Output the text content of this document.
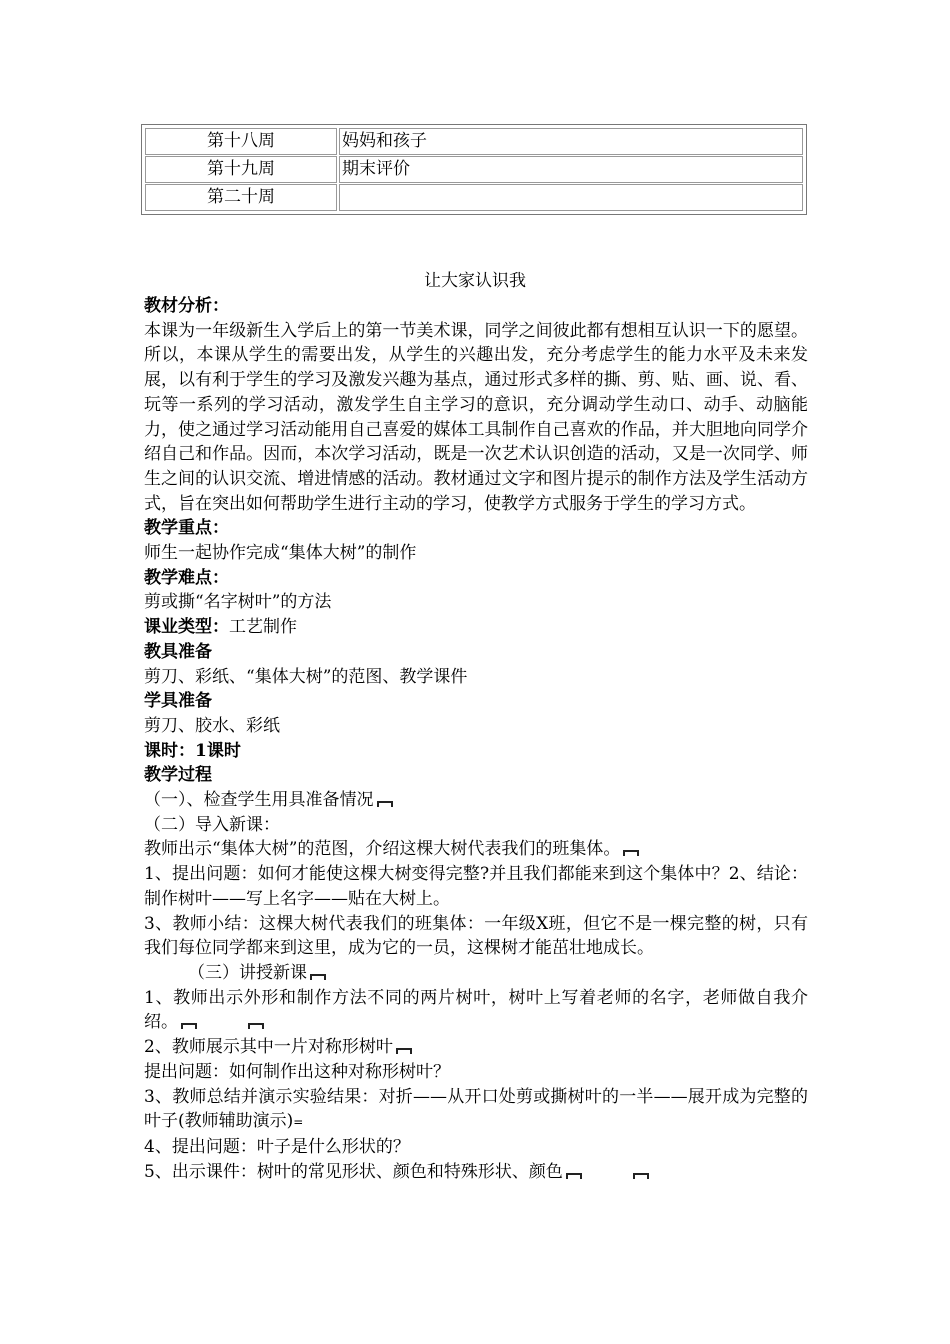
第十八周	妈妈和孩子
第十九周	期末评价
第二十周
让大家认识我

教材分析：

本课为一年级新生入学后上的第一节美术课，同学之间彼此都有想相互认识一下的愿望。所以，本课从学生的需要出发，从学生的兴趣出发，充分考虑学生的能力水平及未来发展，以有利于学生的学习及激发兴趣为基点，通过形式多样的撕、剪、贴、画、说、看、玩等一系列的学习活动，激发学生自主学习的意识，充分调动学生动口、动手、动脑能力，使之通过学习活动能用自己喜爱的媒体工具制作自己喜欢的作品，并大胆地向同学介绍自己和作品。因而，本次学习活动，既是一次艺术认识创造的活动，又是一次同学、师生之间的认识交流、增进情感的活动。教材通过文字和图片提示的制作方法及学生活动方式，旨在突出如何帮助学生进行主动的学习，使教学方式服务于学生的学习方式。

教学重点：

师生一起协作完成“集体大树”的制作

教学难点：

剪或撕“名字树叶”的方法

课业类型：工艺制作

教具准备

剪刀、彩纸、“集体大树”的范图、教学课件

学具准备

剪刀、胶水、彩纸

课时：1课时

教学过程

（一）、检查学生用具准备情况

（二）导入新课：

教师出示“集体大树”的范图，介绍这棵大树代表我们的班集体。

1、提出问题：如何才能使这棵大树变得完整?并且我们都能来到这个集体中？2、结论：制作树叶——写上名字——贴在大树上。

3、教师小结：这棵大树代表我们的班集体：一年级X班，但它不是一棵完整的树，只有我们每位同学都来到这里，成为它的一员，这棵树才能茁壮地成长。

（三）讲授新课

1、教师出示外形和制作方法不同的两片树叶，树叶上写着老师的名字，老师做自我介绍。

2、教师展示其中一片对称形树叶

提出问题：如何制作出这种对称形树叶？

3、教师总结并演示实验结果：对折——从开口处剪或撕树叶的一半——展开成为完整的叶子(教师辅助演示)=

4、提出问题：叶子是什么形状的？

5、出示课件：树叶的常见形状、颜色和特殊形状、颜色
